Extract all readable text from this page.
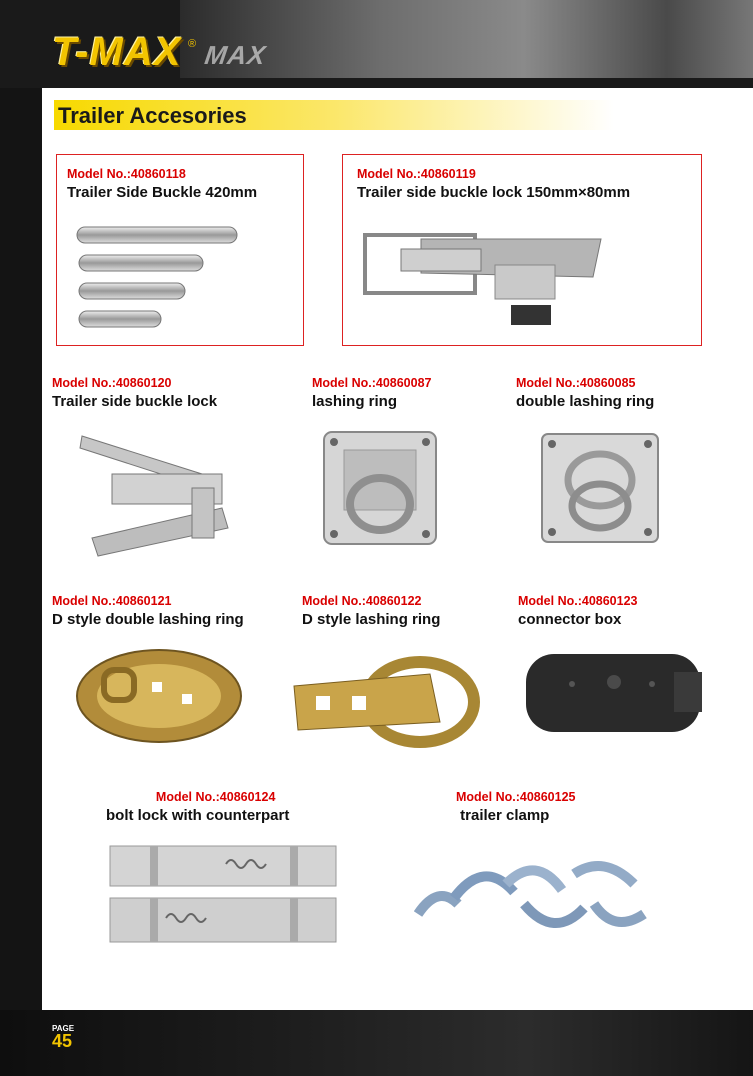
MAX
T-MAX ®
Trailer Accesories
Model No.:40860118
Trailer Side Buckle 420mm
Model No.:40860119
Trailer side buckle lock 150mm×80mm
Model No.:40860120
Trailer side buckle lock
Model No.:40860087
lashing ring
Model No.:40860085
double lashing ring
Model No.:40860121
D style double lashing ring
Model No.:40860122
D style lashing ring
Model No.:40860123
connector box
Model No.:40860124
bolt lock with counterpart
Model No.:40860125
trailer clamp
PAGE
45
